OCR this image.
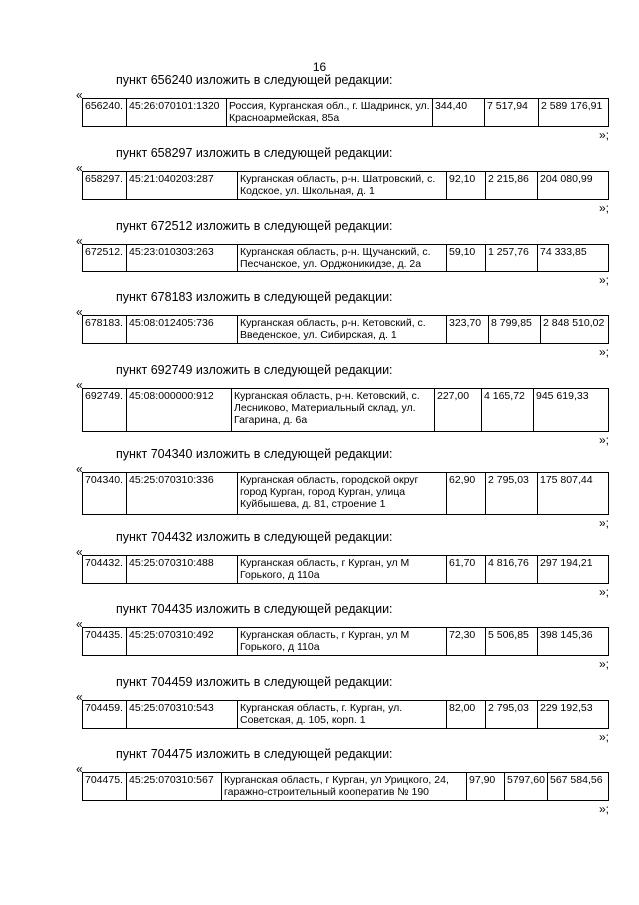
16
пункт 656240 изложить в следующей редакции:
«
656240.	45:26:070101:1320	Россия, Курганская обл., г. Шадринск, ул. Красноармейская, 85а	344,40	7 517,94	2 589 176,91
»;
пункт 658297 изложить в следующей редакции:
«
658297.	45:21:040203:287	Курганская область, р-н. Шатровский, с. Кодское, ул. Школьная, д. 1	92,10	2 215,86	204 080,99
»;
пункт 672512 изложить в следующей редакции:
«
672512.	45:23:010303:263	Курганская область, р-н. Щучанский, с. Песчанское, ул. Орджоникидзе, д. 2а	59,10	1 257,76	74 333,85
»;
пункт 678183 изложить в следующей редакции:
«
678183.	45:08:012405:736	Курганская область, р-н. Кетовский, с. Введенское, ул. Сибирская, д. 1	323,70	8 799,85	2 848 510,02
»;
пункт 692749 изложить в следующей редакции:
«
692749.	45:08:000000:912	Курганская область, р-н. Кетовский, с. Лесниково, Материальный склад, ул. Гагарина, д. 6а	227,00	4 165,72	945 619,33
»;
пункт 704340 изложить в следующей редакции:
«
704340.	45:25:070310:336	Курганская область, городской округ город Курган, город Курган, улица Куйбышева, д. 81, строение 1	62,90	2 795,03	175 807,44
»;
пункт 704432 изложить в следующей редакции:
«
704432.	45:25:070310:488	Курганская область, г Курган, ул М Горького, д 110а	61,70	4 816,76	297 194,21
»;
пункт 704435 изложить в следующей редакции:
«
704435.	45:25:070310:492	Курганская область, г Курган, ул М Горького, д 110а	72,30	5 506,85	398 145,36
»;
пункт 704459 изложить в следующей редакции:
«
704459.	45:25:070310:543	Курганская область, г. Курган, ул. Советская, д. 105, корп. 1	82,00	2 795,03	229 192,53
»;
пункт 704475 изложить в следующей редакции:
«
704475.	45:25:070310:567	Курганская область, г Курган, ул Урицкого, 24, гаражно-строительный кооператив № 190	97,90	5797,60	567 584,56
»;
